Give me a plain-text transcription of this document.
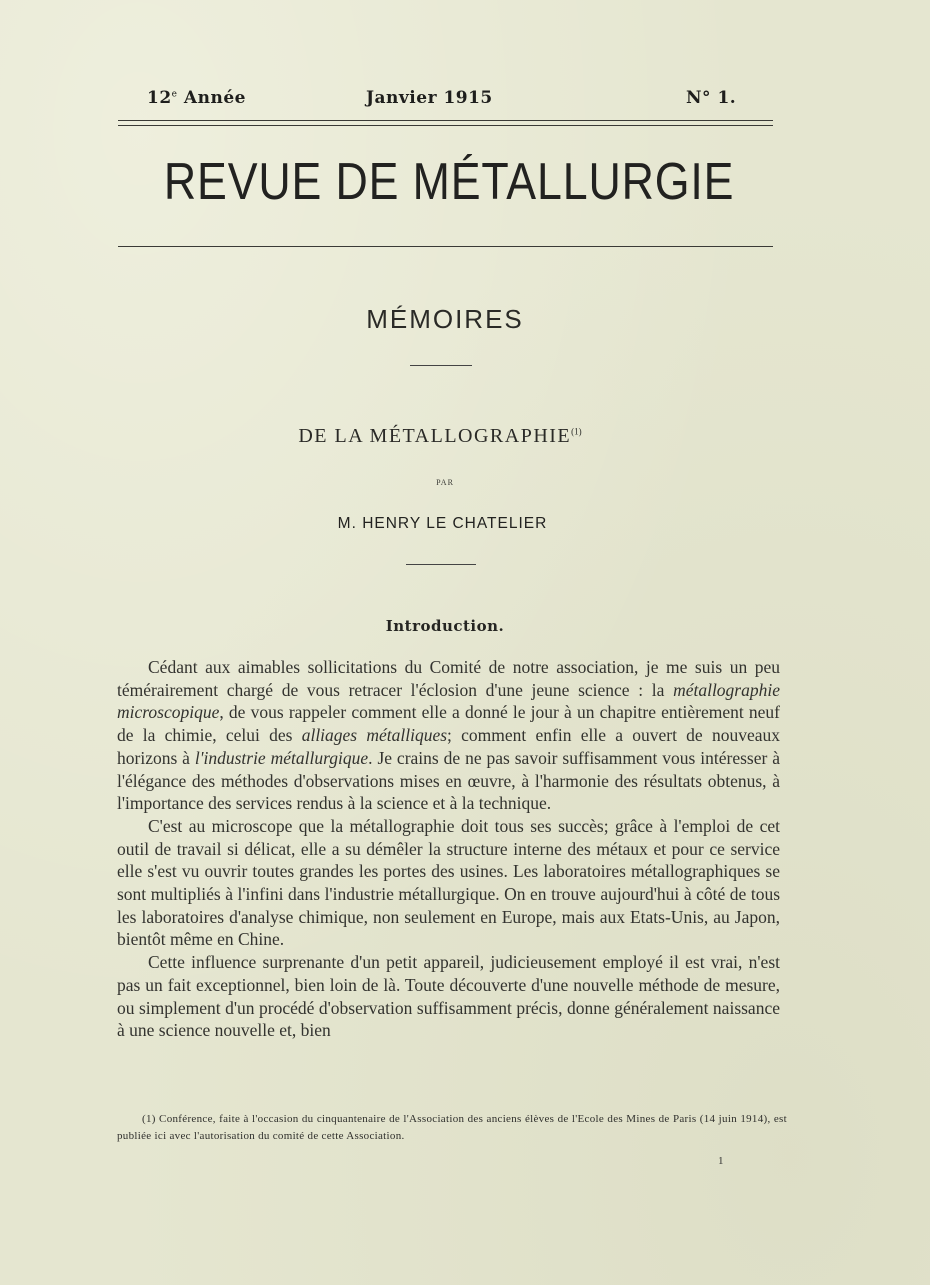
12e Année	Janvier 1915	N° 1.
REVUE DE MÉTALLURGIE
MÉMOIRES
DE LA MÉTALLOGRAPHIE$^{(1)}$
PAR
M. HENRY LE CHATELIER
Introduction.

Cédant aux aimables sollicitations du Comité de notre association, je me suis un peu témérairement chargé de vous retracer l'éclosion d'une jeune science : la métallographie microscopique, de vous rappeler comment elle a donné le jour à un chapitre entièrement neuf de la chimie, celui des alliages métalliques; comment enfin elle a ouvert de nouveaux horizons à l'industrie métallurgique. Je crains de ne pas savoir suffisamment vous intéresser à l'élégance des méthodes d'observations mises en œuvre, à l'harmonie des résultats obtenus, à l'importance des services rendus à la science et à la technique.

C'est au microscope que la métallographie doit tous ses succès; grâce à l'emploi de cet outil de travail si délicat, elle a su démêler la structure interne des métaux et pour ce service elle s'est vu ouvrir toutes grandes les portes des usines. Les laboratoires métallographiques se sont multipliés à l'infini dans l'industrie métallurgique. On en trouve aujourd'hui à côté de tous les laboratoires d'analyse chimique, non seulement en Europe, mais aux Etats-Unis, au Japon, bientôt même en Chine.

Cette influence surprenante d'un petit appareil, judicieusement employé il est vrai, n'est pas un fait exceptionnel, bien loin de là. Toute découverte d'une nouvelle méthode de mesure, ou simplement d'un procédé d'observation suffisamment précis, donne généralement naissance à une science nouvelle et, bien

(1) Conférence, faite à l'occasion du cinquantenaire de l'Association des anciens élèves de l'Ecole des Mines de Paris (14 juin 1914), est publiée ici avec l'autorisation du comité de cette Association.
1
